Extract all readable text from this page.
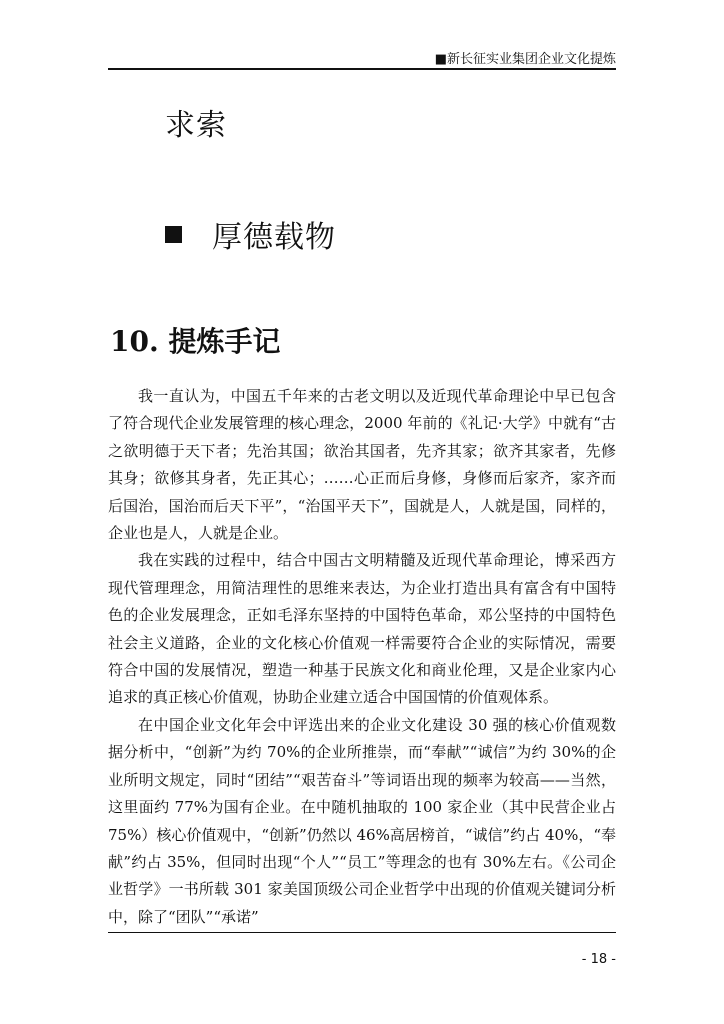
■新长征实业集团企业文化提炼
求索
厚德载物
10. 提炼手记

我一直认为，中国五千年来的古老文明以及近现代革命理论中早已包含了符合现代企业发展管理的核心理念，2000 年前的《礼记·大学》中就有“古之欲明德于天下者；先治其国；欲治其国者，先齐其家；欲齐其家者，先修其身；欲修其身者，先正其心；……心正而后身修，身修而后家齐，家齐而后国治，国治而后天下平”，“治国平天下”，国就是人，人就是国，同样的，企业也是人，人就是企业。

我在实践的过程中，结合中国古文明精髓及近现代革命理论，博采西方现代管理理念，用简洁理性的思维来表达，为企业打造出具有富含有中国特色的企业发展理念，正如毛泽东坚持的中国特色革命，邓公坚持的中国特色社会主义道路，企业的文化核心价值观一样需要符合企业的实际情况，需要符合中国的发展情况，塑造一种基于民族文化和商业伦理，又是企业家内心追求的真正核心价值观，协助企业建立适合中国国情的价值观体系。

在中国企业文化年会中评选出来的企业文化建设 30 强的核心价值观数据分析中，“创新”为约 70%的企业所推崇，而“奉献”“诚信”为约 30%的企业所明文规定，同时“团结”“艰苦奋斗”等词语出现的频率为较高——当然，这里面约 77%为国有企业。在中随机抽取的 100 家企业（其中民营企业占 75%）核心价值观中，“创新”仍然以 46%高居榜首，“诚信”约占 40%，“奉献”约占 35%，但同时出现“个人”“员工”等理念的也有 30%左右。《公司企业哲学》一书所载 301 家美国顶级公司企业哲学中出现的价值观关键词分析中，除了“团队”“承诺”

- 18 -
